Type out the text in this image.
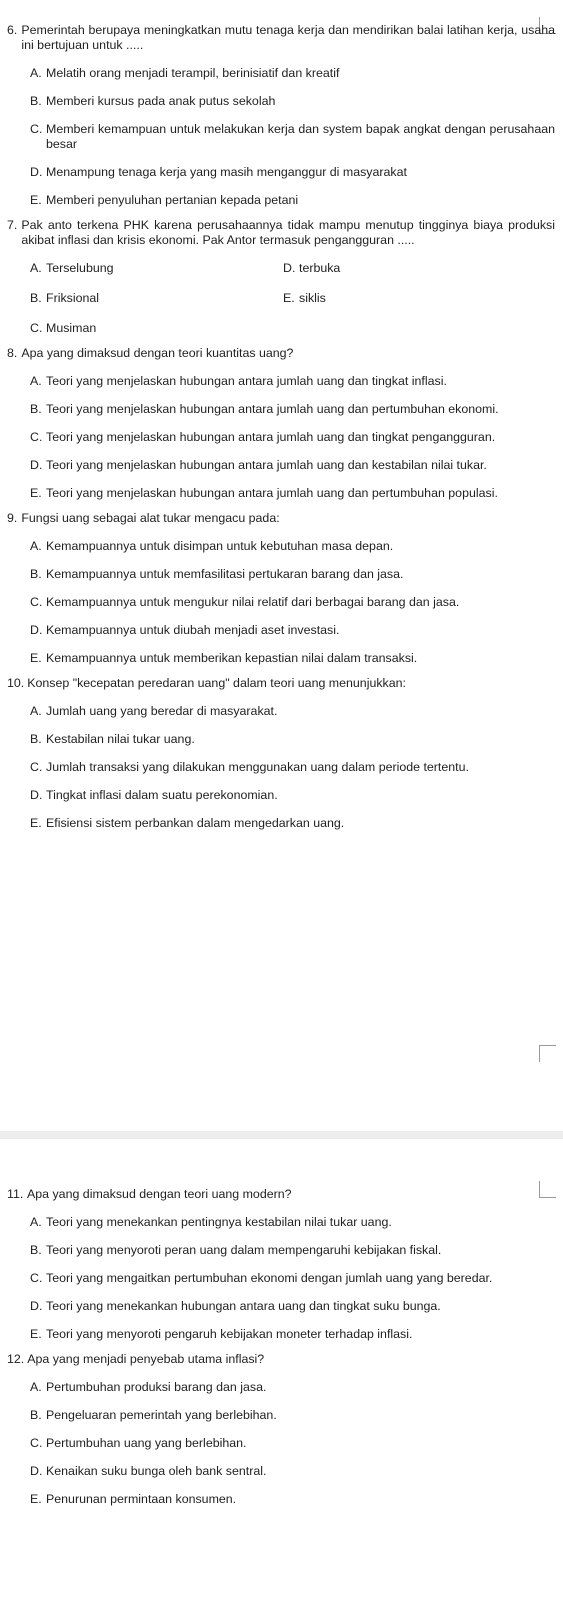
6. Pemerintah berupaya meningkatkan mutu tenaga kerja dan mendirikan balai latihan kerja, usaha ini bertujuan untuk .....
A. Melatih orang menjadi terampil, berinisiatif dan kreatif
B. Memberi kursus pada anak putus sekolah
C. Memberi kemampuan untuk melakukan kerja dan system bapak angkat dengan perusahaan besar
D. Menampung tenaga kerja yang masih menganggur di masyarakat
E. Memberi penyuluhan pertanian kepada petani
7. Pak anto terkena PHK karena perusahaannya tidak mampu menutup tingginya biaya produksi akibat inflasi dan krisis ekonomi. Pak Antor termasuk pengangguran .....
A. Terselubung	D. terbuka
B. Friksional	E. siklis
C. Musiman
8. Apa yang dimaksud dengan teori kuantitas uang?
A. Teori yang menjelaskan hubungan antara jumlah uang dan tingkat inflasi.
B. Teori yang menjelaskan hubungan antara jumlah uang dan pertumbuhan ekonomi.
C. Teori yang menjelaskan hubungan antara jumlah uang dan tingkat pengangguran.
D. Teori yang menjelaskan hubungan antara jumlah uang dan kestabilan nilai tukar.
E. Teori yang menjelaskan hubungan antara jumlah uang dan pertumbuhan populasi.
9. Fungsi uang sebagai alat tukar mengacu pada:
A. Kemampuannya untuk disimpan untuk kebutuhan masa depan.
B. Kemampuannya untuk memfasilitasi pertukaran barang dan jasa.
C. Kemampuannya untuk mengukur nilai relatif dari berbagai barang dan jasa.
D. Kemampuannya untuk diubah menjadi aset investasi.
E. Kemampuannya untuk memberikan kepastian nilai dalam transaksi.
10. Konsep "kecepatan peredaran uang" dalam teori uang menunjukkan:
A. Jumlah uang yang beredar di masyarakat.
B. Kestabilan nilai tukar uang.
C. Jumlah transaksi yang dilakukan menggunakan uang dalam periode tertentu.
D. Tingkat inflasi dalam suatu perekonomian.
E. Efisiensi sistem perbankan dalam mengedarkan uang.
11. Apa yang dimaksud dengan teori uang modern?
A. Teori yang menekankan pentingnya kestabilan nilai tukar uang.
B. Teori yang menyoroti peran uang dalam mempengaruhi kebijakan fiskal.
C. Teori yang mengaitkan pertumbuhan ekonomi dengan jumlah uang yang beredar.
D. Teori yang menekankan hubungan antara uang dan tingkat suku bunga.
E. Teori yang menyoroti pengaruh kebijakan moneter terhadap inflasi.
12. Apa yang menjadi penyebab utama inflasi?
A. Pertumbuhan produksi barang dan jasa.
B. Pengeluaran pemerintah yang berlebihan.
C. Pertumbuhan uang yang berlebihan.
D. Kenaikan suku bunga oleh bank sentral.
E. Penurunan permintaan konsumen.
